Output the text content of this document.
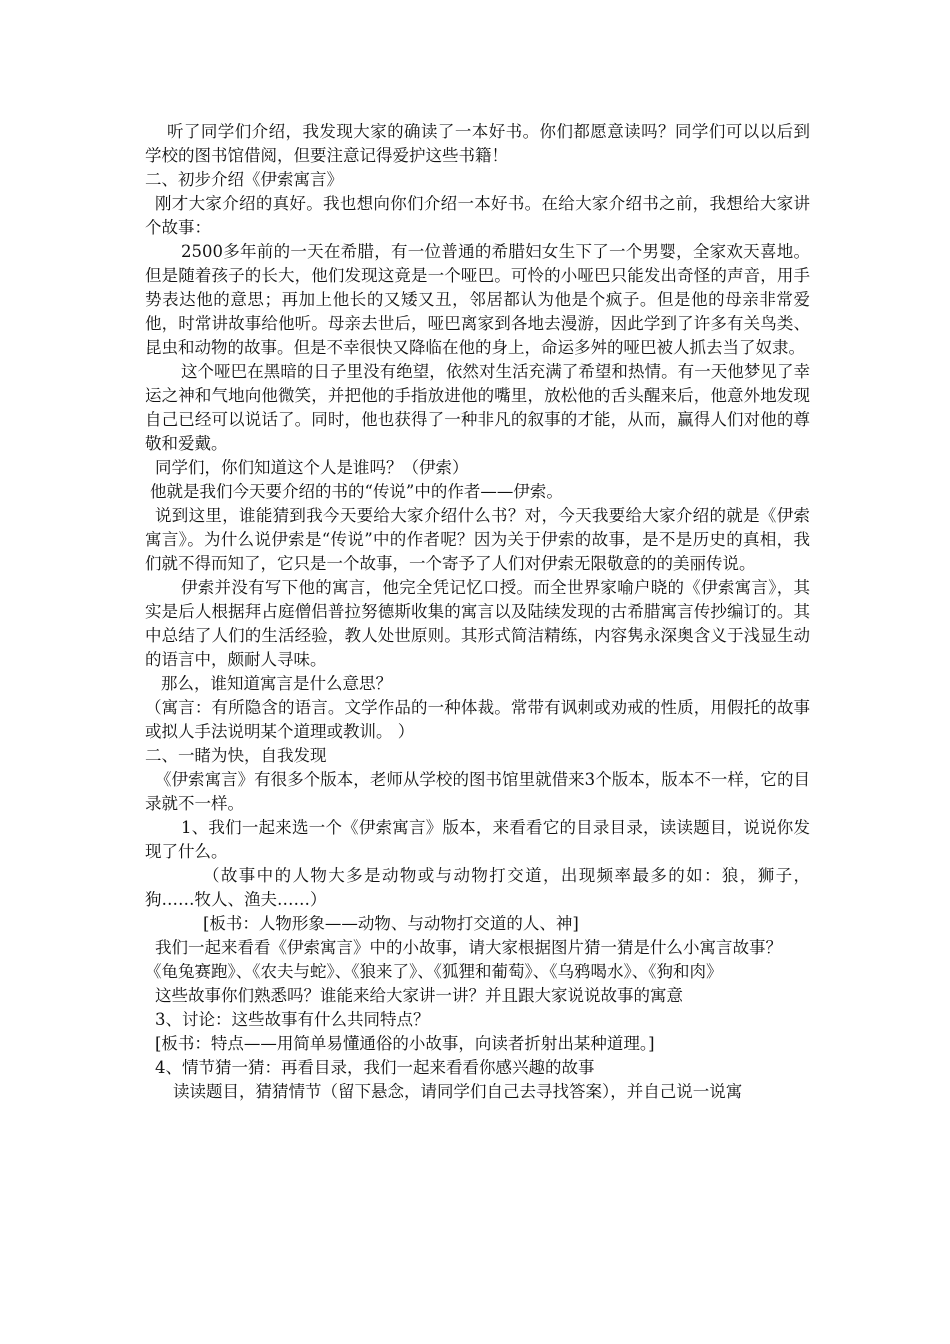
听了同学们介绍，我发现大家的确读了一本好书。你们都愿意读吗？同学们可以以后到学校的图书馆借阅，但要注意记得爱护这些书籍！

二、初步介绍《伊索寓言》

刚才大家介绍的真好。我也想向你们介绍一本好书。在给大家介绍书之前，我想给大家讲个故事：

2500多年前的一天在希腊，有一位普通的希腊妇女生下了一个男婴，全家欢天喜地。但是随着孩子的长大，他们发现这竟是一个哑巴。可怜的小哑巴只能发出奇怪的声音，用手势表达他的意思；再加上他长的又矮又丑，邻居都认为他是个疯子。但是他的母亲非常爱他，时常讲故事给他听。母亲去世后，哑巴离家到各地去漫游，因此学到了许多有关鸟类、昆虫和动物的故事。但是不幸很快又降临在他的身上，命运多舛的哑巴被人抓去当了奴隶。

这个哑巴在黑暗的日子里没有绝望，依然对生活充满了希望和热情。有一天他梦见了幸运之神和气地向他微笑，并把他的手指放进他的嘴里，放松他的舌头醒来后，他意外地发现自己已经可以说话了。同时，他也获得了一种非凡的叙事的才能，从而，赢得人们对他的尊敬和爱戴。

同学们，你们知道这个人是谁吗？（伊索）

他就是我们今天要介绍的书的“传说”中的作者——伊索。

说到这里，谁能猜到我今天要给大家介绍什么书？对，今天我要给大家介绍的就是《伊索寓言》。为什么说伊索是“传说”中的作者呢？因为关于伊索的故事，是不是历史的真相，我们就不得而知了，它只是一个故事，一个寄予了人们对伊索无限敬意的的美丽传说。

伊索并没有写下他的寓言，他完全凭记忆口授。而全世界家喻户晓的《伊索寓言》，其实是后人根据拜占庭僧侣普拉努德斯收集的寓言以及陆续发现的古希腊寓言传抄编订的。其中总结了人们的生活经验，教人处世原则。其形式简洁精练，内容隽永深奥含义于浅显生动的语言中，颇耐人寻味。

那么，谁知道寓言是什么意思？

（寓言：有所隐含的语言。文学作品的一种体裁。常带有讽刺或劝戒的性质，用假托的故事或拟人手法说明某个道理或教训。 ）

二、一睹为快，自我发现

《伊索寓言》有很多个版本，老师从学校的图书馆里就借来3个版本，版本不一样，它的目录就不一样。

1、我们一起来选一个《伊索寓言》版本，来看看它的目录目录，读读题目，说说你发现了什么。

（故事中的人物大多是动物或与动物打交道，出现频率最多的如：狼，狮子，狗……牧人、渔夫……）

[板书：人物形象——动物、与动物打交道的人、神]

我们一起来看看《伊索寓言》中的小故事，请大家根据图片猜一猜是什么小寓言故事？

《龟兔赛跑》、《农夫与蛇》、《狼来了》、《狐狸和葡萄》、《乌鸦喝水》、《狗和肉》

这些故事你们熟悉吗？谁能来给大家讲一讲？并且跟大家说说故事的寓意

3、讨论：这些故事有什么共同特点？

[板书：特点——用简单易懂通俗的小故事，向读者折射出某种道理。]

4、情节猜一猜：再看目录，我们一起来看看你感兴趣的故事

读读题目，猜猜情节（留下悬念，请同学们自己去寻找答案），并自己说一说寓
